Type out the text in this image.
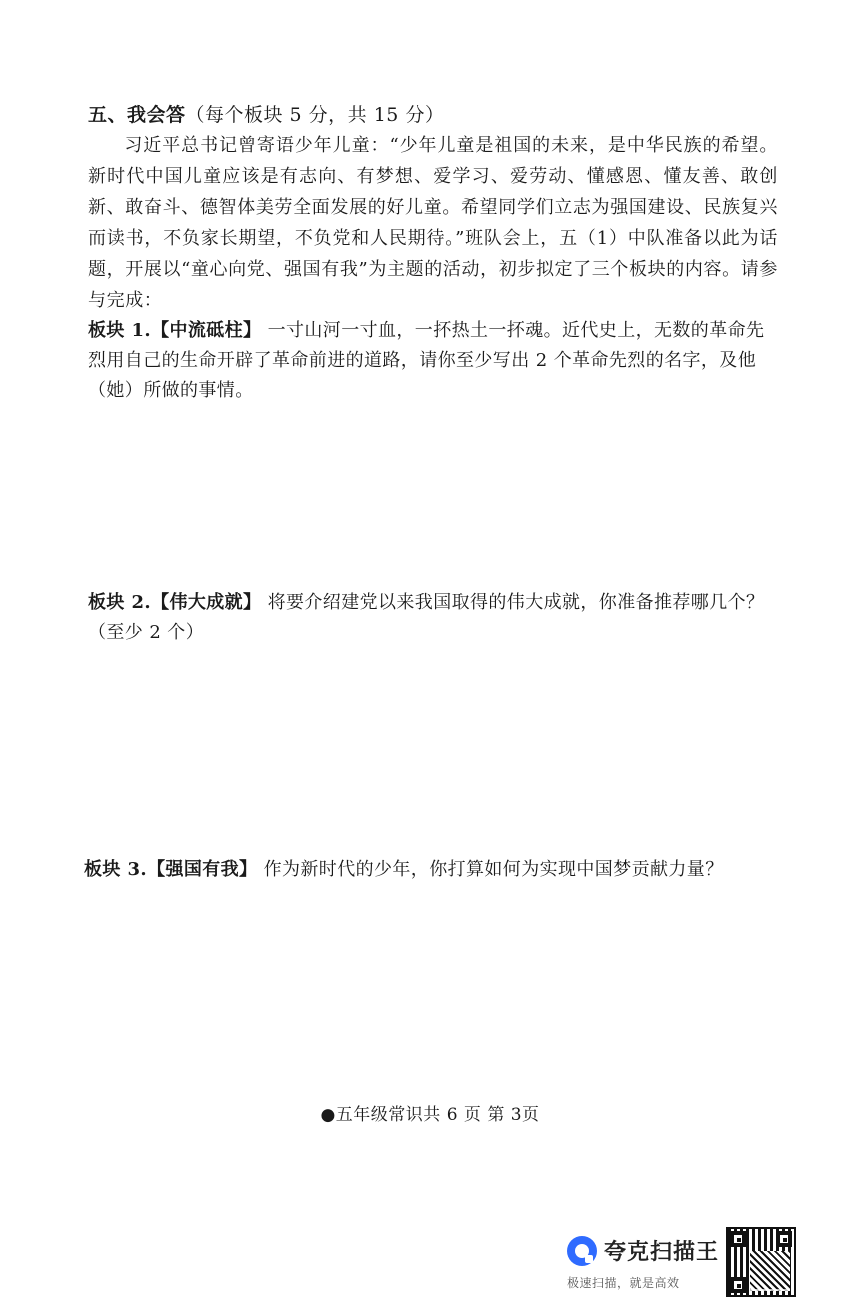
五、我会答（每个板块 5 分，共 15 分）

习近平总书记曾寄语少年儿童：“少年儿童是祖国的未来，是中华民族的希望。新时代中国儿童应该是有志向、有梦想、爱学习、爱劳动、懂感恩、懂友善、敢创新、敢奋斗、德智体美劳全面发展的好儿童。希望同学们立志为强国建设、民族复兴而读书，不负家长期望，不负党和人民期待。”班队会上，五（1）中队准备以此为话题，开展以“童心向党、强国有我”为主题的活动，初步拟定了三个板块的内容。请参与完成：

板块 1.【中流砥柱】 一寸山河一寸血，一抔热土一抔魂。近代史上，无数的革命先烈用自己的生命开辟了革命前进的道路，请你至少写出 2 个革命先烈的名字，及他（她）所做的事情。
板块 2.【伟大成就】 将要介绍建党以来我国取得的伟大成就，你准备推荐哪几个？（至少 2 个）
板块 3.【强国有我】 作为新时代的少年，你打算如何为实现中国梦贡献力量？
●五年级常识共 6 页 第 3页
夸克扫描王
极速扫描，就是高效
